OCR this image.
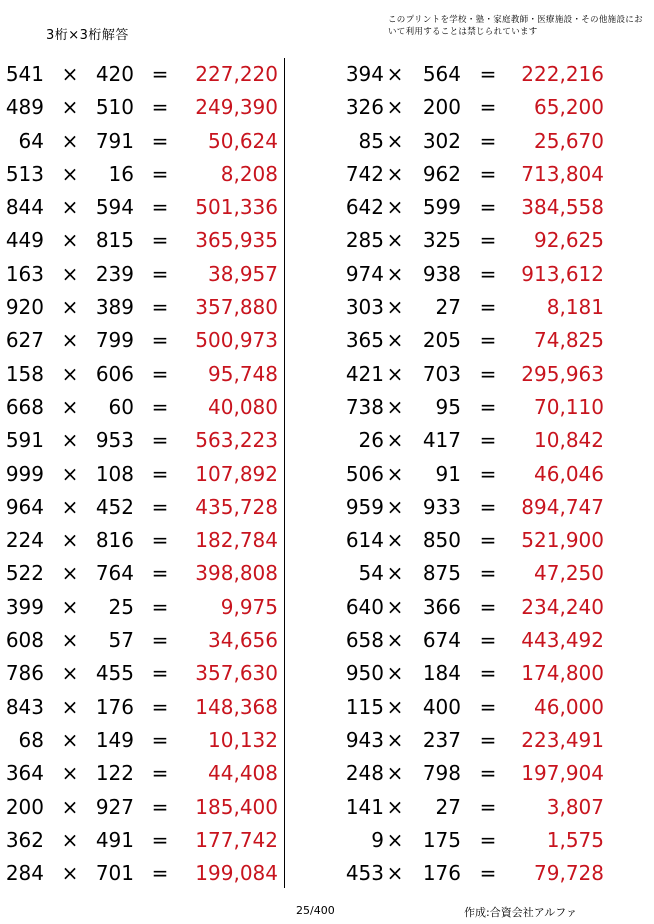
3桁×3桁解答
このプリントを学校・塾・家庭教師・医療施設・その他施設において利用することは禁じられています
541 × 420 =	227,220
489 × 510 =	249,390
64 × 791 =	50,624
513 ×	16 =	8,208
844 × 594 =	501,336
449 × 815 =	365,935
163 × 239 =	38,957
920 × 389 =	357,880
627 × 799 =	500,973
158 × 606 =	95,748
668 ×	60 =	40,080
591 × 953 =	563,223
999 × 108 =	107,892
964 × 452 =	435,728
224 × 816 =	182,784
522 × 764 =	398,808
399 ×	25 =	9,975
608 ×	57 =	34,656
786 × 455 =	357,630
843 × 176 =	148,368
68 × 149 =	10,132
364 × 122 =	44,408
200 × 927 =	185,400
362 × 491 =	177,742
284 × 701 =	199,084
394 × 564 =	222,216
326 × 200 =	65,200
85 × 302 =	25,670
742 × 962 =	713,804
642 × 599 =	384,558
285 × 325 =	92,625
974 × 938 =	913,612
303 ×	27 =	8,181
365 × 205 =	74,825
421 × 703 =	295,963
738 ×	95 =	70,110
26 × 417 =	10,842
506 ×	91 =	46,046
959 × 933 =	894,747
614 × 850 =	521,900
54 × 875 =	47,250
640 × 366 =	234,240
658 × 674 =	443,492
950 × 184 =	174,800
115 × 400 =	46,000
943 × 237 =	223,491
248 × 798 =	197,904
141 ×	27 =	3,807
9 × 175 =	1,575
453 × 176 =	79,728
25/400	作成:合資会社アルファ
